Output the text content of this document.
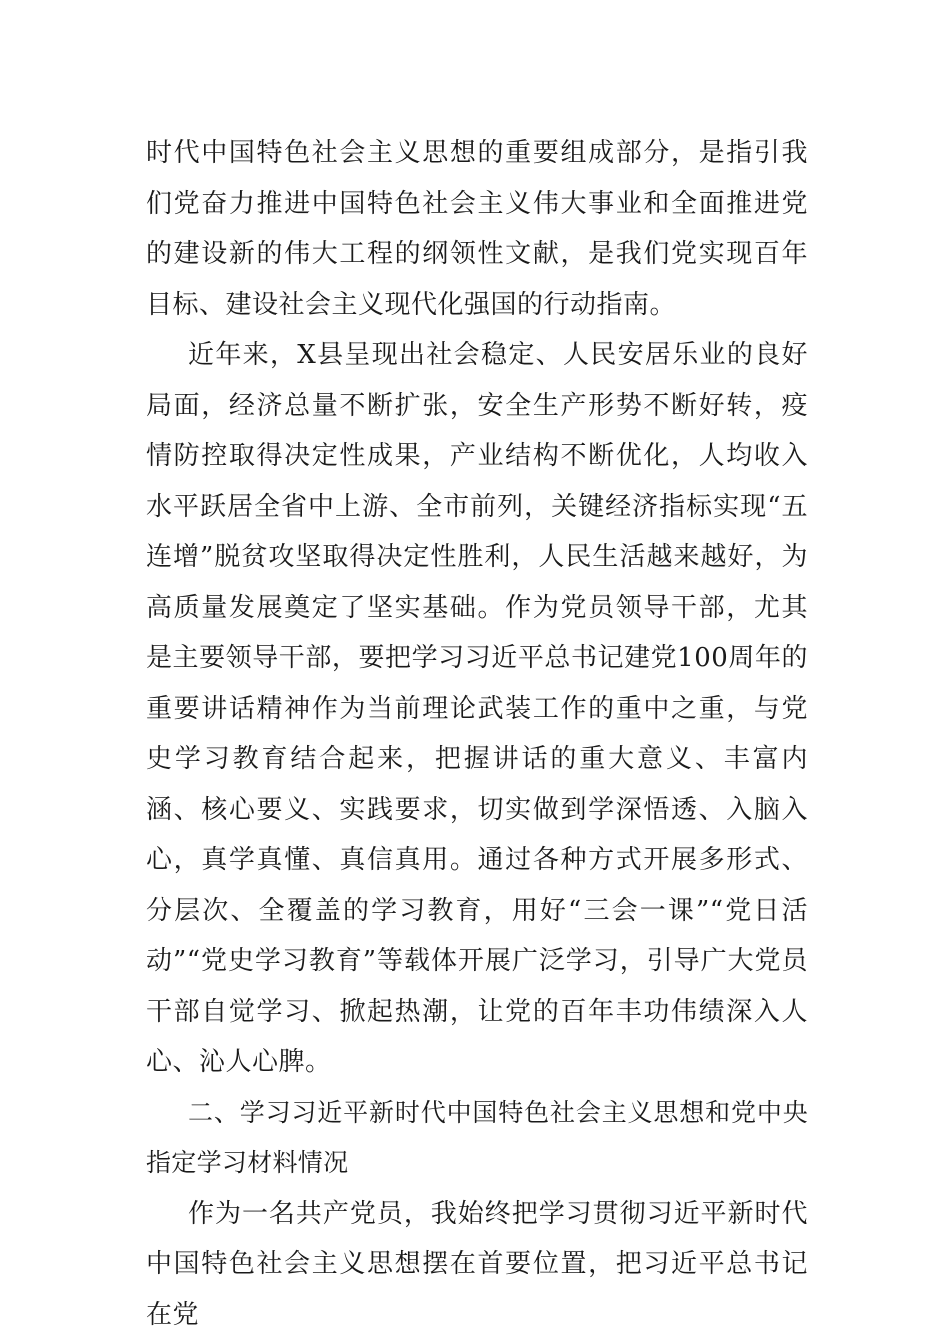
时代中国特色社会主义思想的重要组成部分，是指引我们党奋力推进中国特色社会主义伟大事业和全面推进党的建设新的伟大工程的纲领性文献，是我们党实现百年目标、建设社会主义现代化强国的行动指南。

近年来，X县呈现出社会稳定、人民安居乐业的良好局面，经济总量不断扩张，安全生产形势不断好转，疫情防控取得决定性成果，产业结构不断优化，人均收入水平跃居全省中上游、全市前列，关键经济指标实现“五连增”脱贫攻坚取得决定性胜利，人民生活越来越好，为高质量发展奠定了坚实基础。作为党员领导干部，尤其是主要领导干部，要把学习习近平总书记建党100周年的重要讲话精神作为当前理论武装工作的重中之重，与党史学习教育结合起来，把握讲话的重大意义、丰富内涵、核心要义、实践要求，切实做到学深悟透、入脑入心，真学真懂、真信真用。通过各种方式开展多形式、分层次、全覆盖的学习教育，用好“三会一课”“党日活动”“党史学习教育”等载体开展广泛学习，引导广大党员干部自觉学习、掀起热潮，让党的百年丰功伟绩深入人心、沁人心脾。

二、学习习近平新时代中国特色社会主义思想和党中央指定学习材料情况

作为一名共产党员，我始终把学习贯彻习近平新时代中国特色社会主义思想摆在首要位置，把习近平总书记在党
